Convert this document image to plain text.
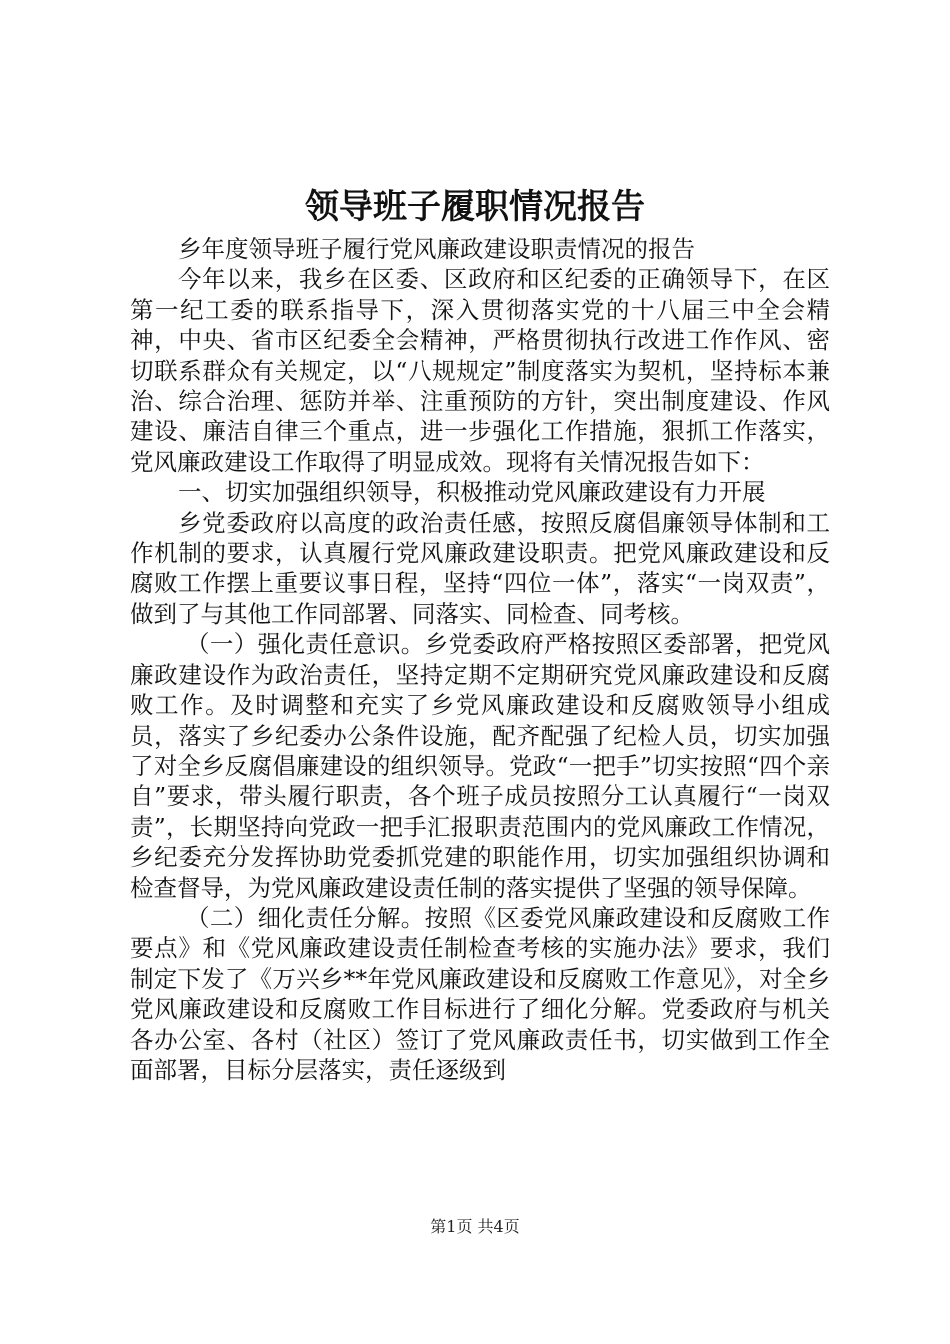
领导班子履职情况报告

乡年度领导班子履行党风廉政建设职责情况的报告

今年以来，我乡在区委、区政府和区纪委的正确领导下，在区第一纪工委的联系指导下，深入贯彻落实党的十八届三中全会精神，中央、省市区纪委全会精神，严格贯彻执行改进工作作风、密切联系群众有关规定，以“八规规定”制度落实为契机，坚持标本兼治、综合治理、惩防并举、注重预防的方针，突出制度建设、作风建设、廉洁自律三个重点，进一步强化工作措施，狠抓工作落实，党风廉政建设工作取得了明显成效。现将有关情况报告如下：

一、切实加强组织领导，积极推动党风廉政建设有力开展

乡党委政府以高度的政治责任感，按照反腐倡廉领导体制和工作机制的要求，认真履行党风廉政建设职责。把党风廉政建设和反腐败工作摆上重要议事日程，坚持“四位一体”，落实“一岗双责”，做到了与其他工作同部署、同落实、同检查、同考核。

（一）强化责任意识。乡党委政府严格按照区委部署，把党风廉政建设作为政治责任，坚持定期不定期研究党风廉政建设和反腐败工作。及时调整和充实了乡党风廉政建设和反腐败领导小组成员，落实了乡纪委办公条件设施，配齐配强了纪检人员，切实加强了对全乡反腐倡廉建设的组织领导。党政“一把手”切实按照“四个亲自”要求，带头履行职责，各个班子成员按照分工认真履行“一岗双责”，长期坚持向党政一把手汇报职责范围内的党风廉政工作情况，乡纪委充分发挥协助党委抓党建的职能作用，切实加强组织协调和检查督导，为党风廉政建设责任制的落实提供了坚强的领导保障。

（二）细化责任分解。按照《区委党风廉政建设和反腐败工作要点》和《党风廉政建设责任制检查考核的实施办法》要求，我们制定下发了《万兴乡**年党风廉政建设和反腐败工作意见》，对全乡党风廉政建设和反腐败工作目标进行了细化分解。党委政府与机关各办公室、各村（社区）签订了党风廉政责任书，切实做到工作全面部署，目标分层落实，责任逐级到

第1页 共4页
